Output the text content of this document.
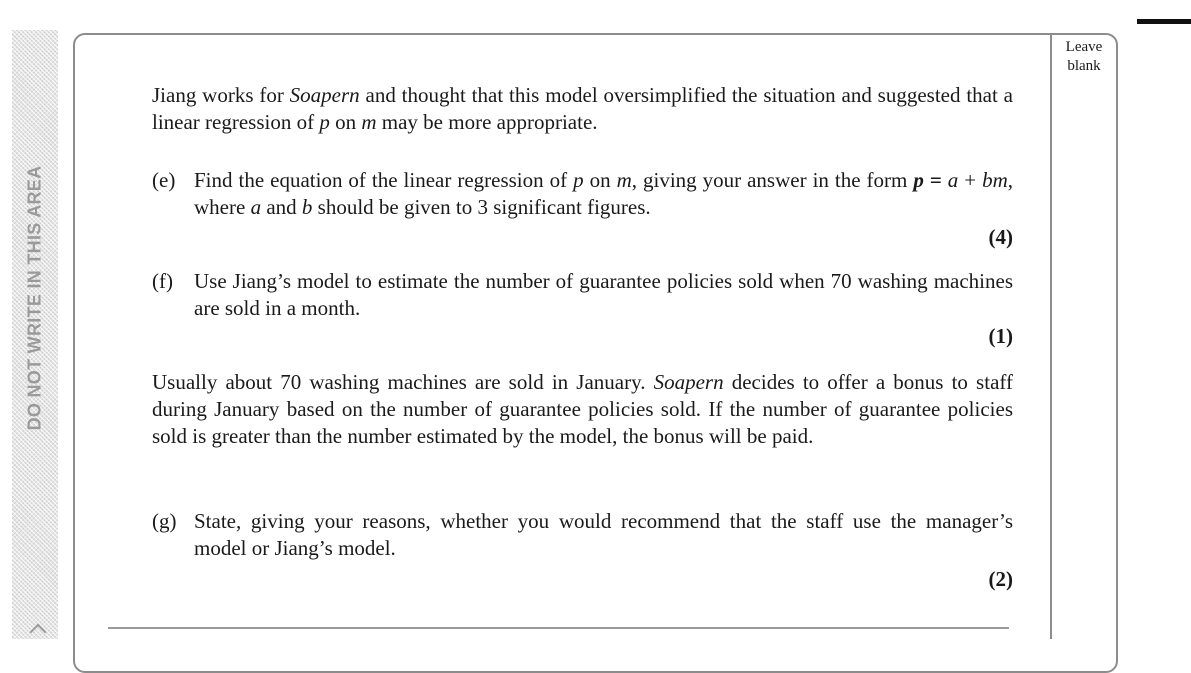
DO NOT WRITE IN THIS AREA
Leave
blank

Jiang works for Soapern and thought that this model oversimplified the situation and suggested that a linear regression of p on m may be more appropriate.

(e) Find the equation of the linear regression of p on m, giving your answer in the form p = a + bm, where a and b should be given to 3 significant figures.

(4)
(f) Use Jiang’s model to estimate the number of guarantee policies sold when 70 washing machines are sold in a month.

(1)

Usually about 70 washing machines are sold in January. Soapern decides to offer a bonus to staff during January based on the number of guarantee policies sold. If the number of guarantee policies sold is greater than the number estimated by the model, the bonus will be paid.

(g) State, giving your reasons, whether you would recommend that the staff use the manager’s model or Jiang’s model.

(2)
